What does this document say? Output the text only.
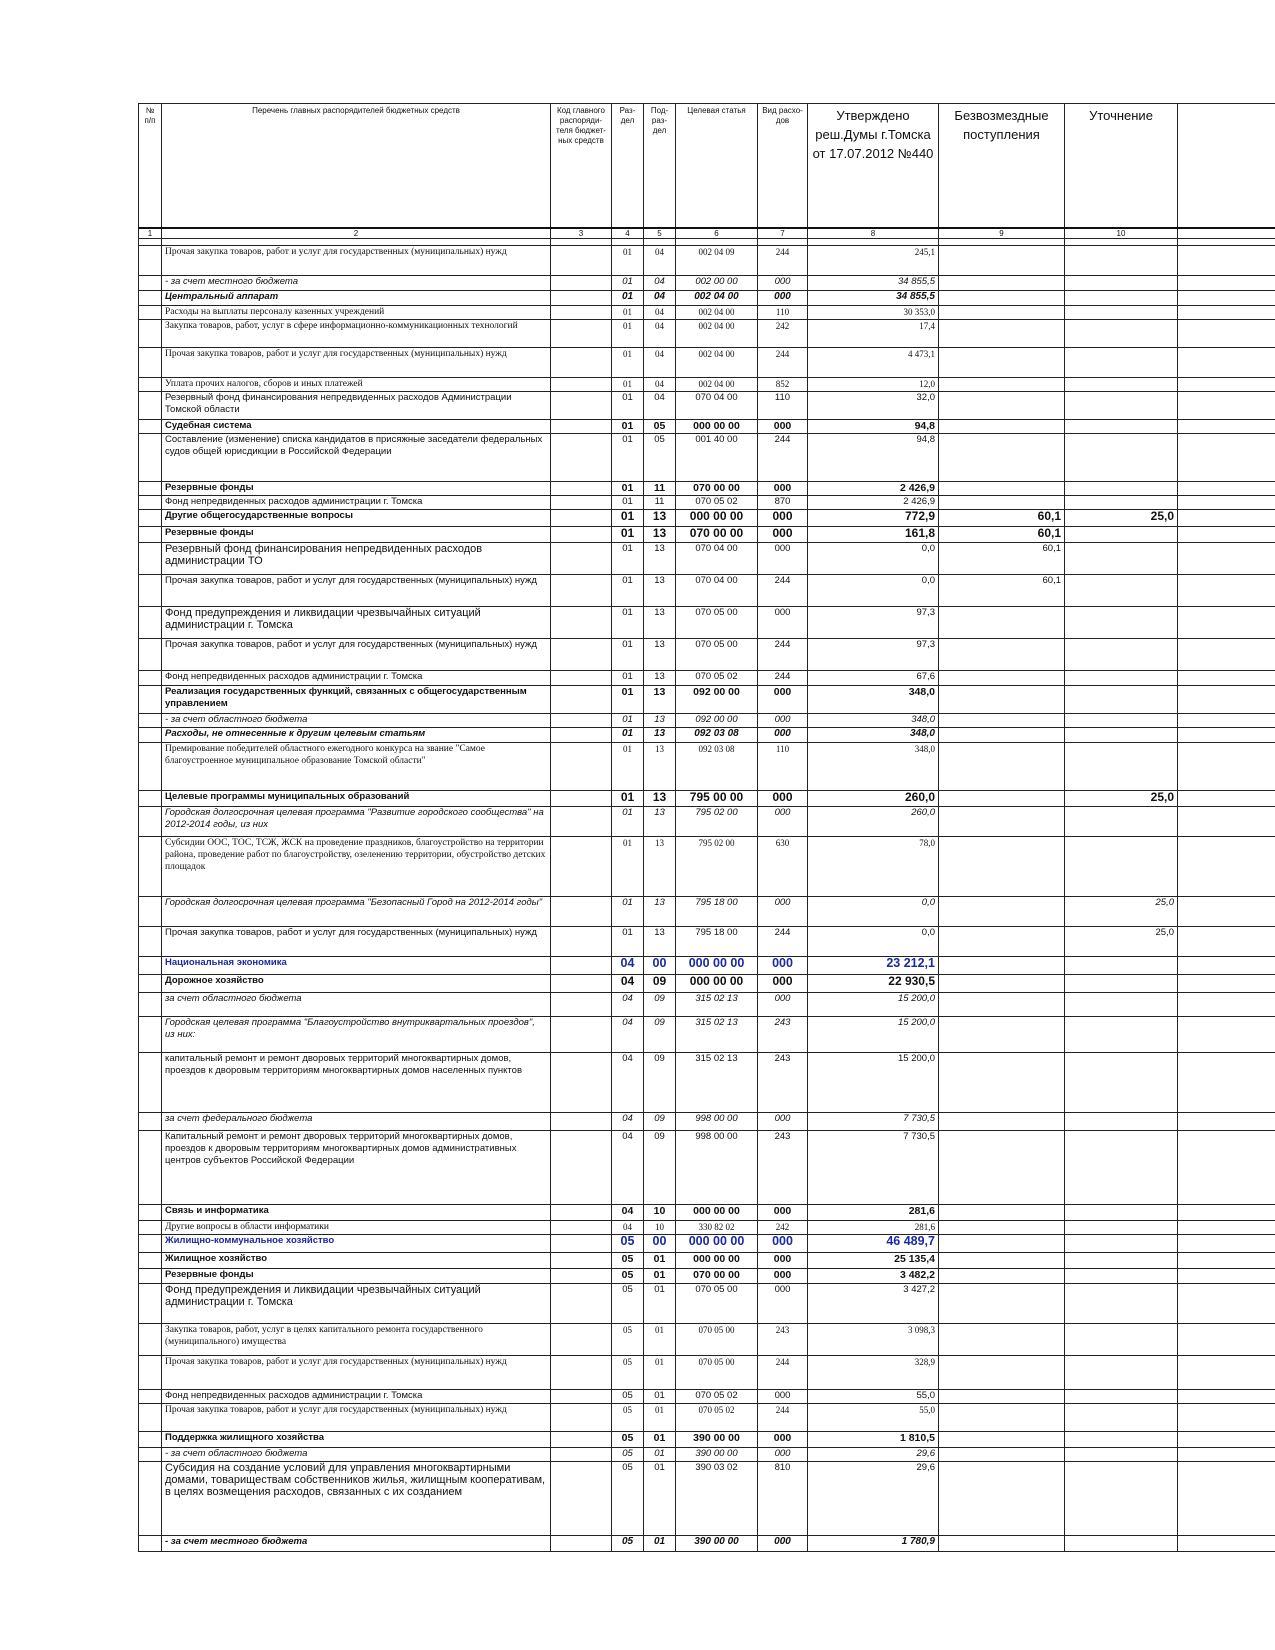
№ п/п	Перечень главных распорядителей бюджетных средств	Код главного распоряди-теля бюджет-ных средств	Раз-дел	Под-раз-дел	Целевая статья	Вид расхо-дов	Утверждено реш.Думы г.Томска от 17.07.2012 №440	Безвозмездные поступления	Уточнение	
1	2	3	4	5	6	7	8	9	10	

	Прочая закупка товаров, работ и услуг для государственных (муниципальных) нужд		01	04	002 04 09	244	245,1			
	- за счет местного бюджета		01	04	002 00 00	000	34 855,5			
	Центральный аппарат		01	04	002 04 00	000	34 855,5			
	Расходы на выплаты персоналу казенных учреждений		01	04	002 04 00	110	30 353,0			
	Закупка товаров, работ, услуг в сфере информационно-коммуникационных технологий		01	04	002 04 00	242	17,4			
	Прочая закупка товаров, работ и услуг для государственных (муниципальных) нужд		01	04	002 04 00	244	4 473,1			
	Уплата прочих налогов, сборов и иных платежей		01	04	002 04 00	852	12,0			
	Резервный фонд финансирования непредвиденных расходов Администрации Томской области		01	04	070 04 00	110	32,0			
	Судебная система		01	05	000 00 00	000	94,8			
	Составление (изменение) списка кандидатов в присяжные заседатели федеральных судов общей юрисдикции в Российской Федерации		01	05	001 40 00	244	94,8			
	Резервные фонды		01	11	070 00 00	000	2 426,9			
	Фонд непредвиденных расходов администрации г. Томска		01	11	070 05 02	870	2 426,9			
	Другие общегосударственные вопросы		01	13	000 00 00	000	772,9	60,1	25,0	
	Резервные фонды		01	13	070 00 00	000	161,8	60,1		
	Резервный фонд финансирования непредвиденных расходов администрации ТО		01	13	070 04 00	000	0,0	60,1		
	Прочая закупка товаров, работ и услуг для государственных (муниципальных) нужд		01	13	070 04 00	244	0,0	60,1		
	Фонд предупреждения и ликвидации чрезвычайных ситуаций администрации г. Томска		01	13	070 05 00	000	97,3			
	Прочая закупка товаров, работ и услуг для государственных (муниципальных) нужд		01	13	070 05 00	244	97,3			
	Фонд непредвиденных расходов администрации г. Томска		01	13	070 05 02	244	67,6			
	Реализация государственных функций, связанных с общегосударственным управлением		01	13	092 00 00	000	348,0			
	- за счет областного бюджета		01	13	092 00 00	000	348,0			
	Расходы, не отнесенные к другим целевым статьям		01	13	092 03 08	000	348,0			
	Премирование победителей областного ежегодного конкурса на звание "Самое благоустроенное муниципальное образование Томской области"		01	13	092 03 08	110	348,0			
	Целевые программы муниципальных образований		01	13	795 00 00	000	260,0		25,0	
	Городская долгосрочная целевая программа "Развитие городского сообщества" на 2012-2014 годы, из них		01	13	795 02 00	000	260,0			
	Субсидии ООС, ТОС, ТСЖ, ЖСК на проведение праздников, благоустройство на территории района, проведение работ по благоустройству, озеленению территории, обустройство детских площадок		01	13	795 02 00	630	78,0			
	Городская долгосрочная целевая программа "Безопасный Город на 2012-2014 годы"		01	13	795 18 00	000	0,0		25,0	
	Прочая закупка товаров, работ и услуг для государственных (муниципальных) нужд		01	13	795 18 00	244	0,0		25,0	
	Национальная экономика		04	00	000 00 00	000	23 212,1			
	Дорожное хозяйство		04	09	000 00 00	000	22 930,5			
	за счет областного бюджета		04	09	315 02 13	000	15 200,0			
	Городская целевая программа "Благоустройство внутриквартальных проездов", из них:		04	09	315 02 13	243	15 200,0			
	капитальный ремонт и ремонт дворовых территорий многоквартирных домов, проездов к дворовым территориям многоквартирных домов населенных пунктов		04	09	315 02 13	243	15 200,0			
	за счет федерального бюджета		04	09	998 00 00	000	7 730,5			
	Капитальный ремонт и ремонт дворовых территорий многоквартирных домов, проездов к дворовым территориям многоквартирных домов административных центров субъектов Российской Федерации		04	09	998 00 00	243	7 730,5			
	Связь и информатика		04	10	000 00 00	000	281,6			
	Другие вопросы в области информатики		04	10	330 82 02	242	281,6			
	Жилищно-коммунальное хозяйство		05	00	000 00 00	000	46 489,7			
	Жилищное хозяйство		05	01	000 00 00	000	25 135,4			
	Резервные фонды		05	01	070 00 00	000	3 482,2			
	Фонд предупреждения и ликвидации чрезвычайных ситуаций администрации г. Томска		05	01	070 05 00	000	3 427,2			
	Закупка товаров, работ, услуг в целях капитального ремонта государственного (муниципального) имущества		05	01	070 05 00	243	3 098,3			
	Прочая закупка товаров, работ и услуг для государственных (муниципальных) нужд		05	01	070 05 00	244	328,9			
	Фонд непредвиденных расходов администрации г. Томска		05	01	070 05 02	000	55,0			
	Прочая закупка товаров, работ и услуг для государственных (муниципальных) нужд		05	01	070 05 02	244	55,0			
	Поддержка жилищного хозяйства		05	01	390 00 00	000	1 810,5			
	- за счет областного бюджета		05	01	390 00 00	000	29,6			
	Субсидия на создание условий для управления многоквартирными домами, товариществам собственников жилья, жилищным кооперативам, в целях возмещения расходов, связанных с их созданием		05	01	390 03 02	810	29,6			
	- за счет местного бюджета		05	01	390 00 00	000	1 780,9			
